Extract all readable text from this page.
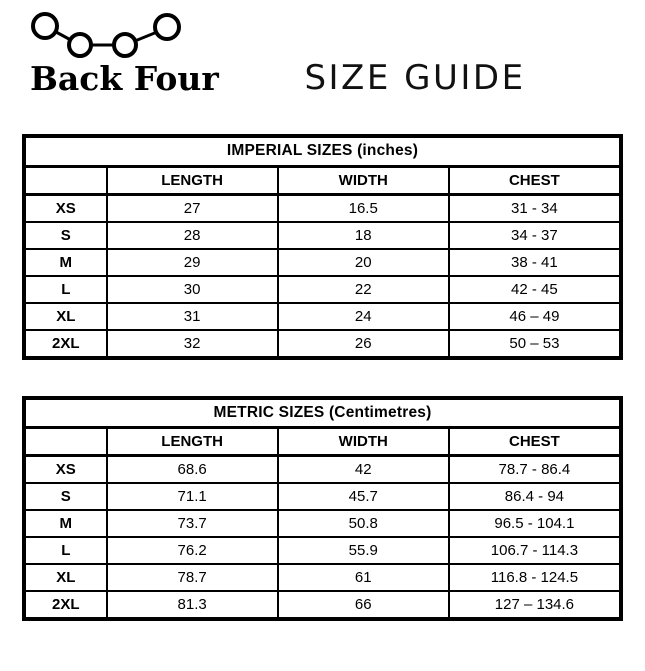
Back Four	SIZE GUIDE
IMPERIAL SIZES (inches)			
	LENGTH	WIDTH	CHEST
XS	27	16.5	31 - 34
S	28	18	34 - 37
M	29	20	38 - 41
L	30	22	42 - 45
XL	31	24	46 – 49
2XL	32	26	50 – 53
METRIC SIZES (Centimetres)			
	LENGTH	WIDTH	CHEST
XS	68.6	42	78.7 - 86.4
S	71.1	45.7	86.4 - 94
M	73.7	50.8	96.5 - 104.1
L	76.2	55.9	106.7 - 114.3
XL	78.7	61	116.8 - 124.5
2XL	81.3	66	127 – 134.6
